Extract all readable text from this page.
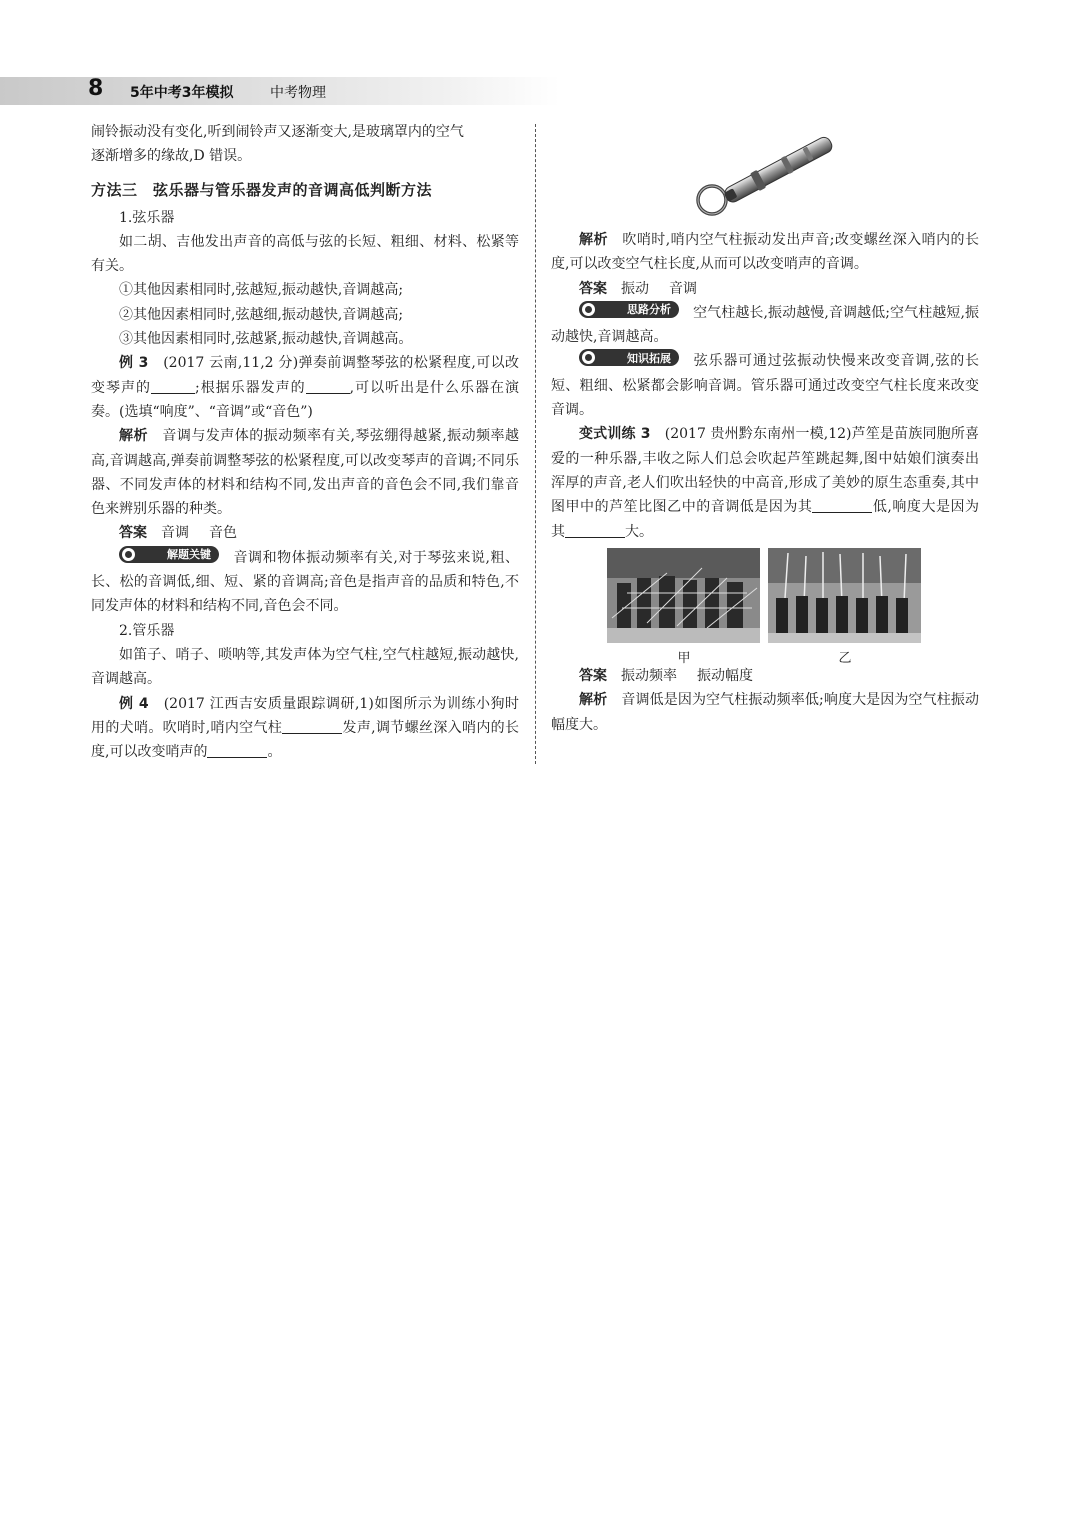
8 5年中考3年模拟	中考物理

闹铃振动没有变化,听到闹铃声又逐渐变大,是玻璃罩内的空气

逐渐增多的缘故,D 错误。

方法三　弦乐器与管乐器发声的音调高低判断方法

1.弦乐器

如二胡、吉他发出声音的高低与弦的长短、粗细、材料、松紧等有关。

①其他因素相同时,弦越短,振动越快,音调越高;

②其他因素相同时,弦越细,振动越快,音调越高;

③其他因素相同时,弦越紧,振动越快,音调越高。

例 3　 (2017 云南,11,2 分)弹奏前调整琴弦的松紧程度,可以改变琴声的	;根据乐器发声的	,可以听出是什么乐器在演奏。(选填“响度”、“音调”或“音色”)

解析　 音调与发声体的振动频率有关,琴弦绷得越紧,振动频率越高,音调越高,弹奏前调整琴弦的松紧程度,可以改变琴声的音调;不同乐器、不同发声体的材料和结构不同,发出声音的音色会不同,我们靠音色来辨别乐器的种类。

答案　 音调 音色

解题关键 音调和物体振动频率有关,对于琴弦来说,粗、长、松的音调低,细、短、紧的音调高;音色是指声音的品质和特色,不同发声体的材料和结构不同,音色会不同。

2.管乐器

如笛子、哨子、唢呐等,其发声体为空气柱,空气柱越短,振动越快,音调越高。

例 4　 (2017 江西吉安质量跟踪调研,1)如图所示为训练小狗时用的犬哨。吹哨时,哨内空气柱	发声,调节螺丝深入哨内的长度,可以改变哨声的	。

解析　 吹哨时,哨内空气柱振动发出声音;改变螺丝深入哨内的长度,可以改变空气柱长度,从而可以改变哨声的音调。

答案　 振动 音调

思路分析 空气柱越长,振动越慢,音调越低;空气柱越短,振动越快,音调越高。

知识拓展 弦乐器可通过弦振动快慢来改变音调,弦的长短、粗细、松紧都会影响音调。管乐器可通过改变空气柱长度来改变音调。

变式训练 3　 (2017 贵州黔东南州一模,12)芦笙是苗族同胞所喜爱的一种乐器,丰收之际人们总会吹起芦笙跳起舞,图中姑娘们演奏出浑厚的声音,老人们吹出轻快的中高音,形成了美妙的原生态重奏,其中图甲中的芦笙比图乙中的音调低是因为其	低,响度大是因为其	大。

甲	乙

答案　 振动频率 振动幅度

解析　 音调低是因为空气柱振动频率低;响度大是因为空气柱振动幅度大。
